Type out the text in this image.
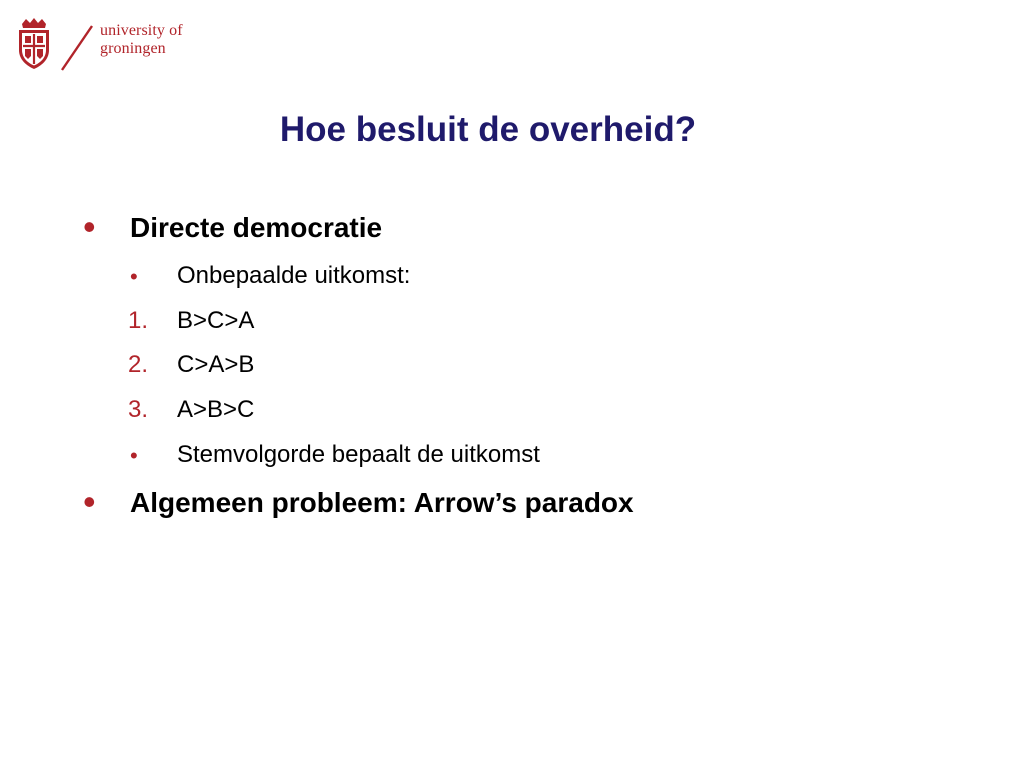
university of
groningen
Hoe besluit de overheid?
• Directe democratie
• Onbepaalde uitkomst:
1. B>C>A
2. C>A>B
3. A>B>C
• Stemvolgorde bepaalt de uitkomst
• Algemeen probleem: Arrow’s paradox
